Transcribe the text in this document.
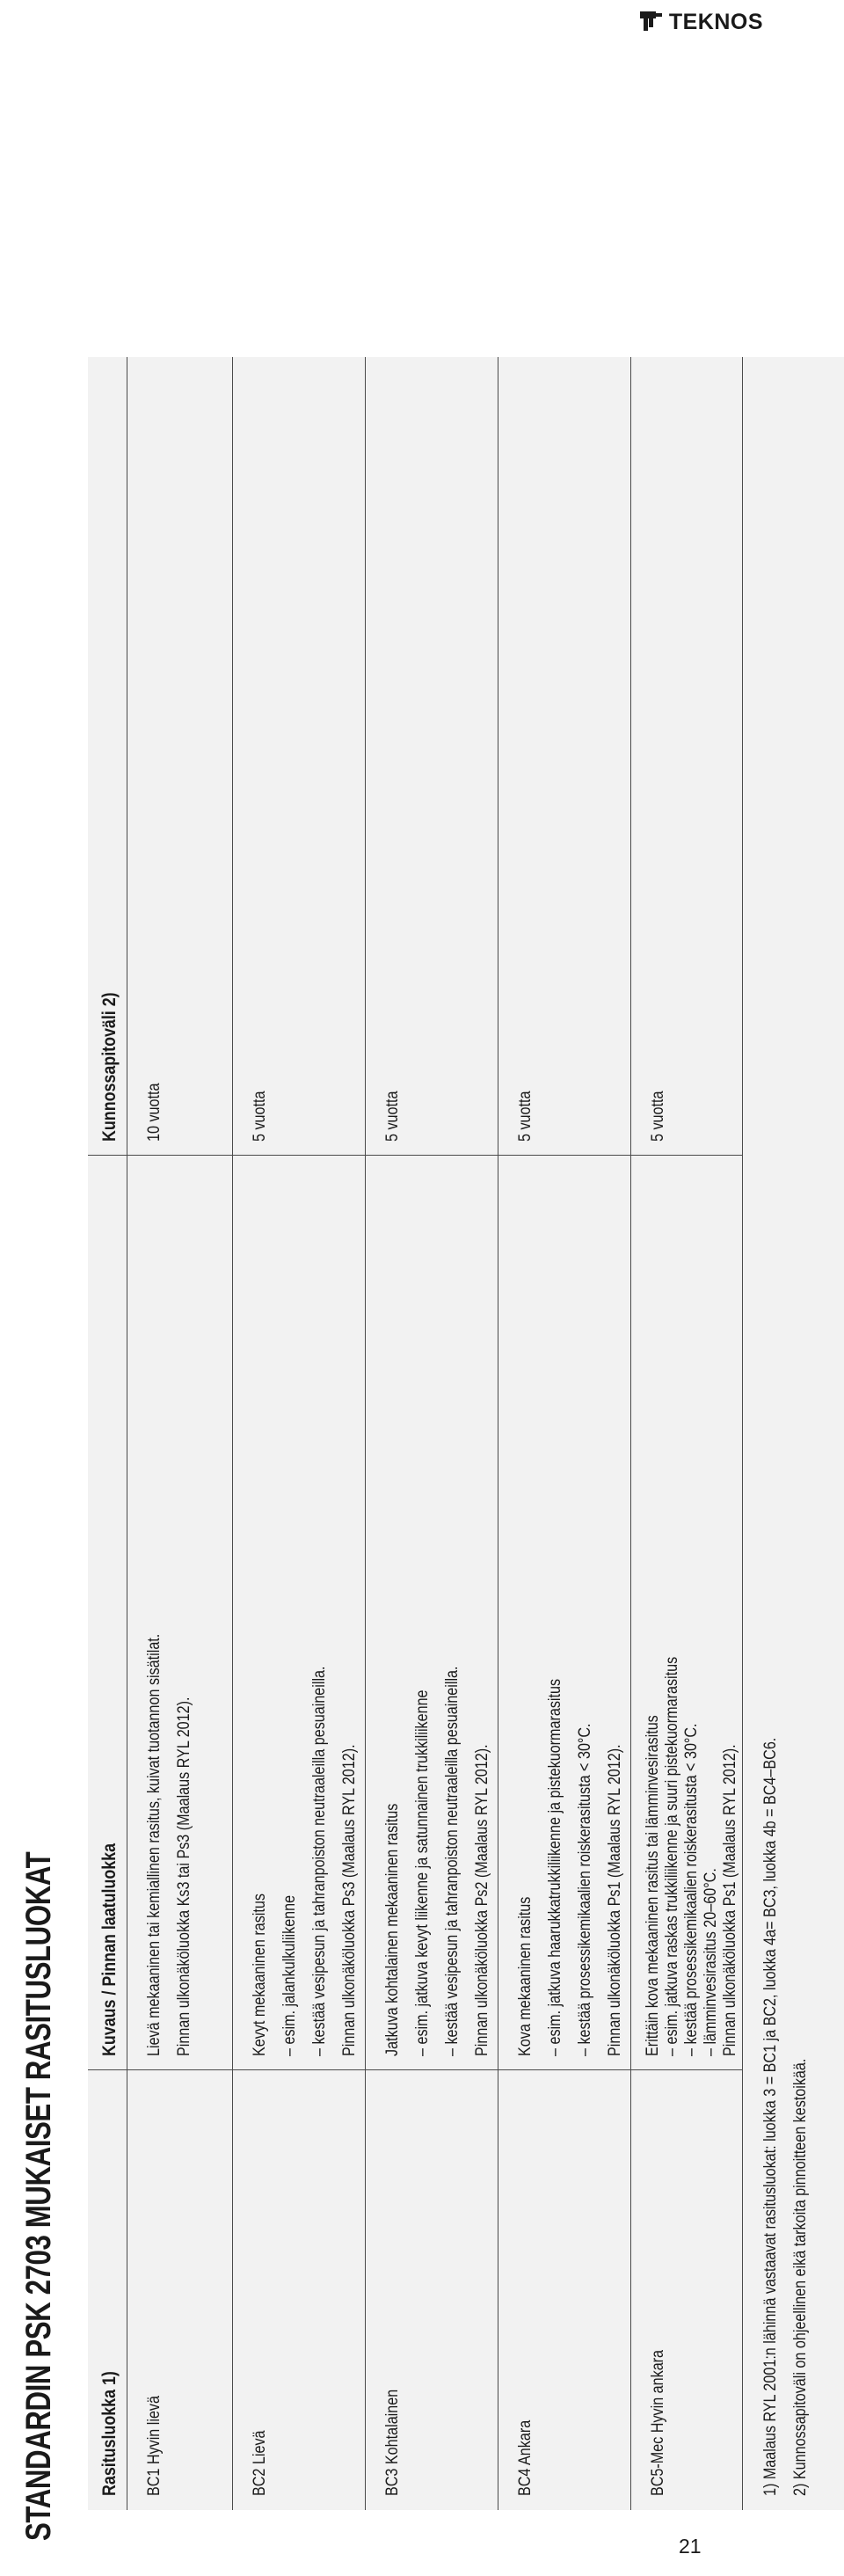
TEKNOS
21
STANDARDIN PSK 2703 MUKAISET RASITUSLUOKAT Rasitusluokka 1)
Kuvaus / Pinnan laatuluokka
Kunnossapitoväli 2)
BC1 Hyvin lievä
Lievä mekaaninen tai kemiallinen rasitus, kuivat tuotannon sisätilat. Pinnan ulkonäköluokka Ks3 tai Ps3 (Maalaus RYL 2012).
10 vuotta
BC2 Lievä
Kevyt mekaaninen rasitus – esim. jalankulkuliikenne – kestää vesipesun ja tahranpoiston neutraaleilla pesuaineilla. Pinnan ulkonäköluokka Ps3 (Maalaus RYL 2012).
5 vuotta
BC3 Kohtalainen
Jatkuva kohtalainen mekaaninen rasitus – esim. jatkuva kevyt liikenne ja satunnainen trukkiliikenne – kestää vesipesun ja tahranpoiston neutraaleilla pesuaineilla. Pinnan ulkonäköluokka Ps2 (Maalaus RYL 2012).
5 vuotta
BC4 Ankara
Kova mekaaninen rasitus – esim. jatkuva haarukkatrukkiliikenne ja pistekuormarasitus – kestää prosessikemikaalien roiskerasitusta < 30°C. Pinnan ulkonäköluokka Ps1 (Maalaus RYL 2012).
5 vuotta
BC5-Mec Hyvin ankara
Erittäin kova mekaaninen rasitus tai lämminvesirasitus – esim. jatkuva raskas trukkiliikenne ja suuri pistekuormarasitus – kestää prosessikemikaalien roiskerasitusta < 30°C. – lämminvesirasitus 20–60°C. Pinnan ulkonäköluokka Ps1 (Maalaus RYL 2012).
5 vuotta
1) Maalaus RYL 2001:n lähinnä vastaavat rasitusluokat: luokka 3 = BC1 ja BC2, luokka 4a= BC3, luokka 4b = BC4–BC6. 2) Kunnossapitoväli on ohjeellinen eikä tarkoita pinnoitteen kestoikää.
